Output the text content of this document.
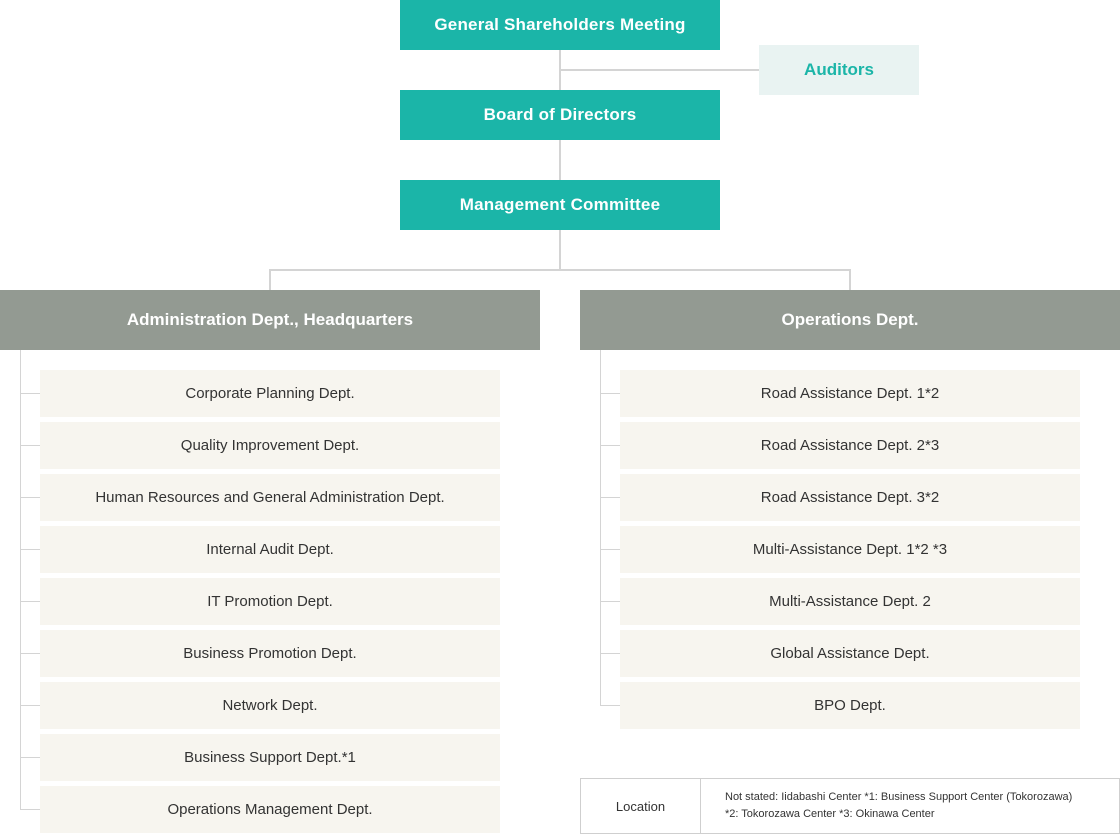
General Shareholders Meeting
Auditors
Board of Directors
Management Committee
Administration Dept., Headquarters	Operations Dept.
Corporate Planning Dept.
Quality Improvement Dept.
Human Resources and General Administration Dept.
Internal Audit Dept.
IT Promotion Dept.
Business Promotion Dept.
Network Dept.
Business Support Dept.*1
Operations Management Dept.
Road Assistance Dept. 1*2
Road Assistance Dept. 2*3
Road Assistance Dept. 3*2
Multi-Assistance Dept. 1*2 *3
Multi-Assistance Dept. 2
Global Assistance Dept.
BPO Dept.
Location
Not stated: Iidabashi Center *1: Business Support Center (Tokorozawa)
*2: Tokorozawa Center *3: Okinawa Center
